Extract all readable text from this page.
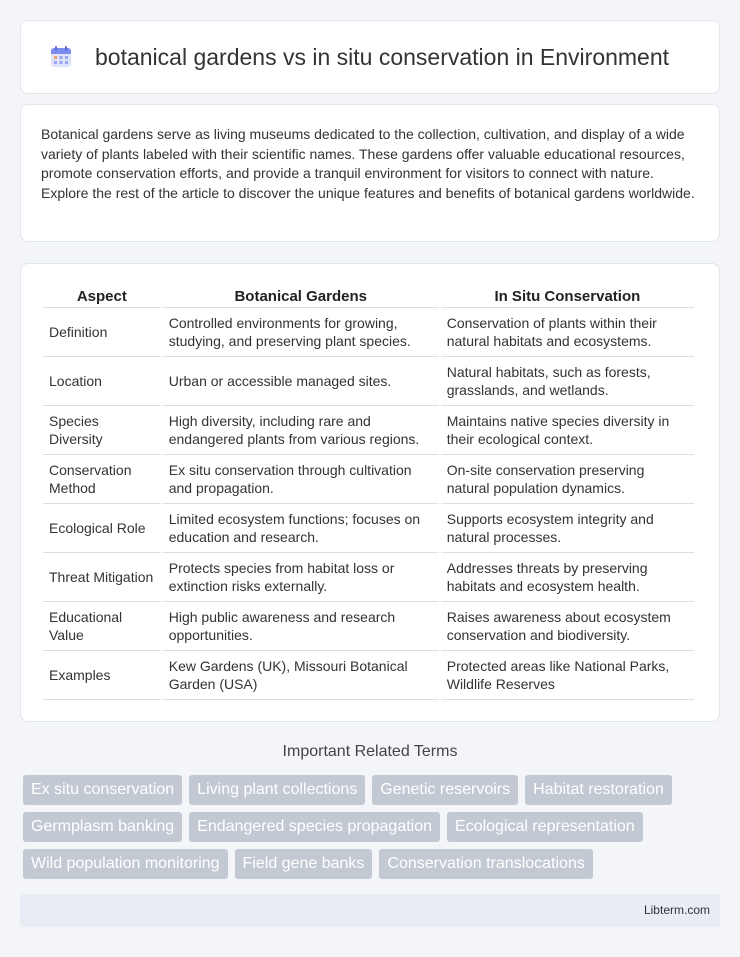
botanical gardens vs in situ conservation in Environment

Botanical gardens serve as living museums dedicated to the collection, cultivation, and display of a wide variety of plants labeled with their scientific names. These gardens offer valuable educational resources, promote conservation efforts, and provide a tranquil environment for visitors to connect with nature. Explore the rest of the article to discover the unique features and benefits of botanical gardens worldwide.

Aspect	Botanical Gardens	In Situ Conservation
Definition	Controlled environments for growing, studying, and preserving plant species.	Conservation of plants within their natural habitats and ecosystems.
Location	Urban or accessible managed sites.	Natural habitats, such as forests, grasslands, and wetlands.
Species Diversity	High diversity, including rare and endangered plants from various regions.	Maintains native species diversity in their ecological context.
Conservation Method	Ex situ conservation through cultivation and propagation.	On-site conservation preserving natural population dynamics.
Ecological Role	Limited ecosystem functions; focuses on education and research.	Supports ecosystem integrity and natural processes.
Threat Mitigation	Protects species from habitat loss or extinction risks externally.	Addresses threats by preserving habitats and ecosystem health.
Educational Value	High public awareness and research opportunities.	Raises awareness about ecosystem conservation and biodiversity.
Examples	Kew Gardens (UK), Missouri Botanical Garden (USA)	Protected areas like National Parks, Wildlife Reserves
Important Related Terms
Ex situ conservation	Living plant collections	Genetic reservoirs	Habitat restoration
Germplasm banking	Endangered species propagation	Ecological representation
Wild population monitoring	Field gene banks	Conservation translocations
Libterm.com
